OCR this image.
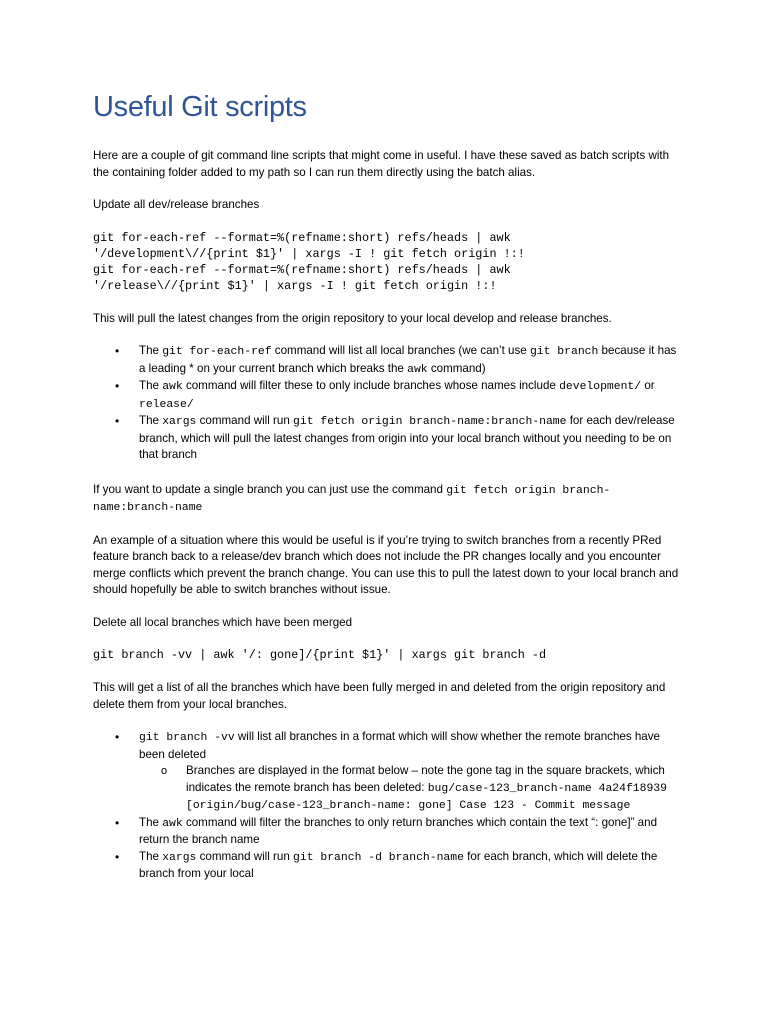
Useful Git scripts

Here are a couple of git command line scripts that might come in useful. I have these saved as batch scripts with the containing folder added to my path so I can run them directly using the batch alias.

Update all dev/release branches

git for-each-ref --format=%(refname:short) refs/heads | awk
'/development\//{print $1}' | xargs -I ! git fetch origin !:!
git for-each-ref --format=%(refname:short) refs/heads | awk
'/release\//{print $1}' | xargs -I ! git fetch origin !:!

This will pull the latest changes from the origin repository to your local develop and release branches.

• The git for-each-ref command will list all local branches (we can’t use git branch because it has a leading * on your current branch which breaks the awk command)
• The awk command will filter these to only include branches whose names include development/ or release/
• The xargs command will run git fetch origin branch-name:branch-name for each dev/release branch, which will pull the latest changes from origin into your local branch without you needing to be on that branch

If you want to update a single branch you can just use the command git fetch origin branch-name:branch-name

An example of a situation where this would be useful is if you’re trying to switch branches from a recently PRed feature branch back to a release/dev branch which does not include the PR changes locally and you encounter merge conflicts which prevent the branch change. You can use this to pull the latest down to your local branch and should hopefully be able to switch branches without issue.

Delete all local branches which have been merged

git branch -vv | awk '/: gone]/{print $1}' | xargs git branch -d

This will get a list of all the branches which have been fully merged in and deleted from the origin repository and delete them from your local branches.

• git branch -vv will list all branches in a format which will show whether the remote branches have been deleted
o Branches are displayed in the format below – note the gone tag in the square brackets, which indicates the remote branch has been deleted: bug/case-123_branch-name 4a24f18939 [origin/bug/case-123_branch-name: gone] Case 123 - Commit message
• The awk command will filter the branches to only return branches which contain the text “: gone]” and return the branch name
• The xargs command will run git branch -d branch-name for each branch, which will delete the branch from your local
